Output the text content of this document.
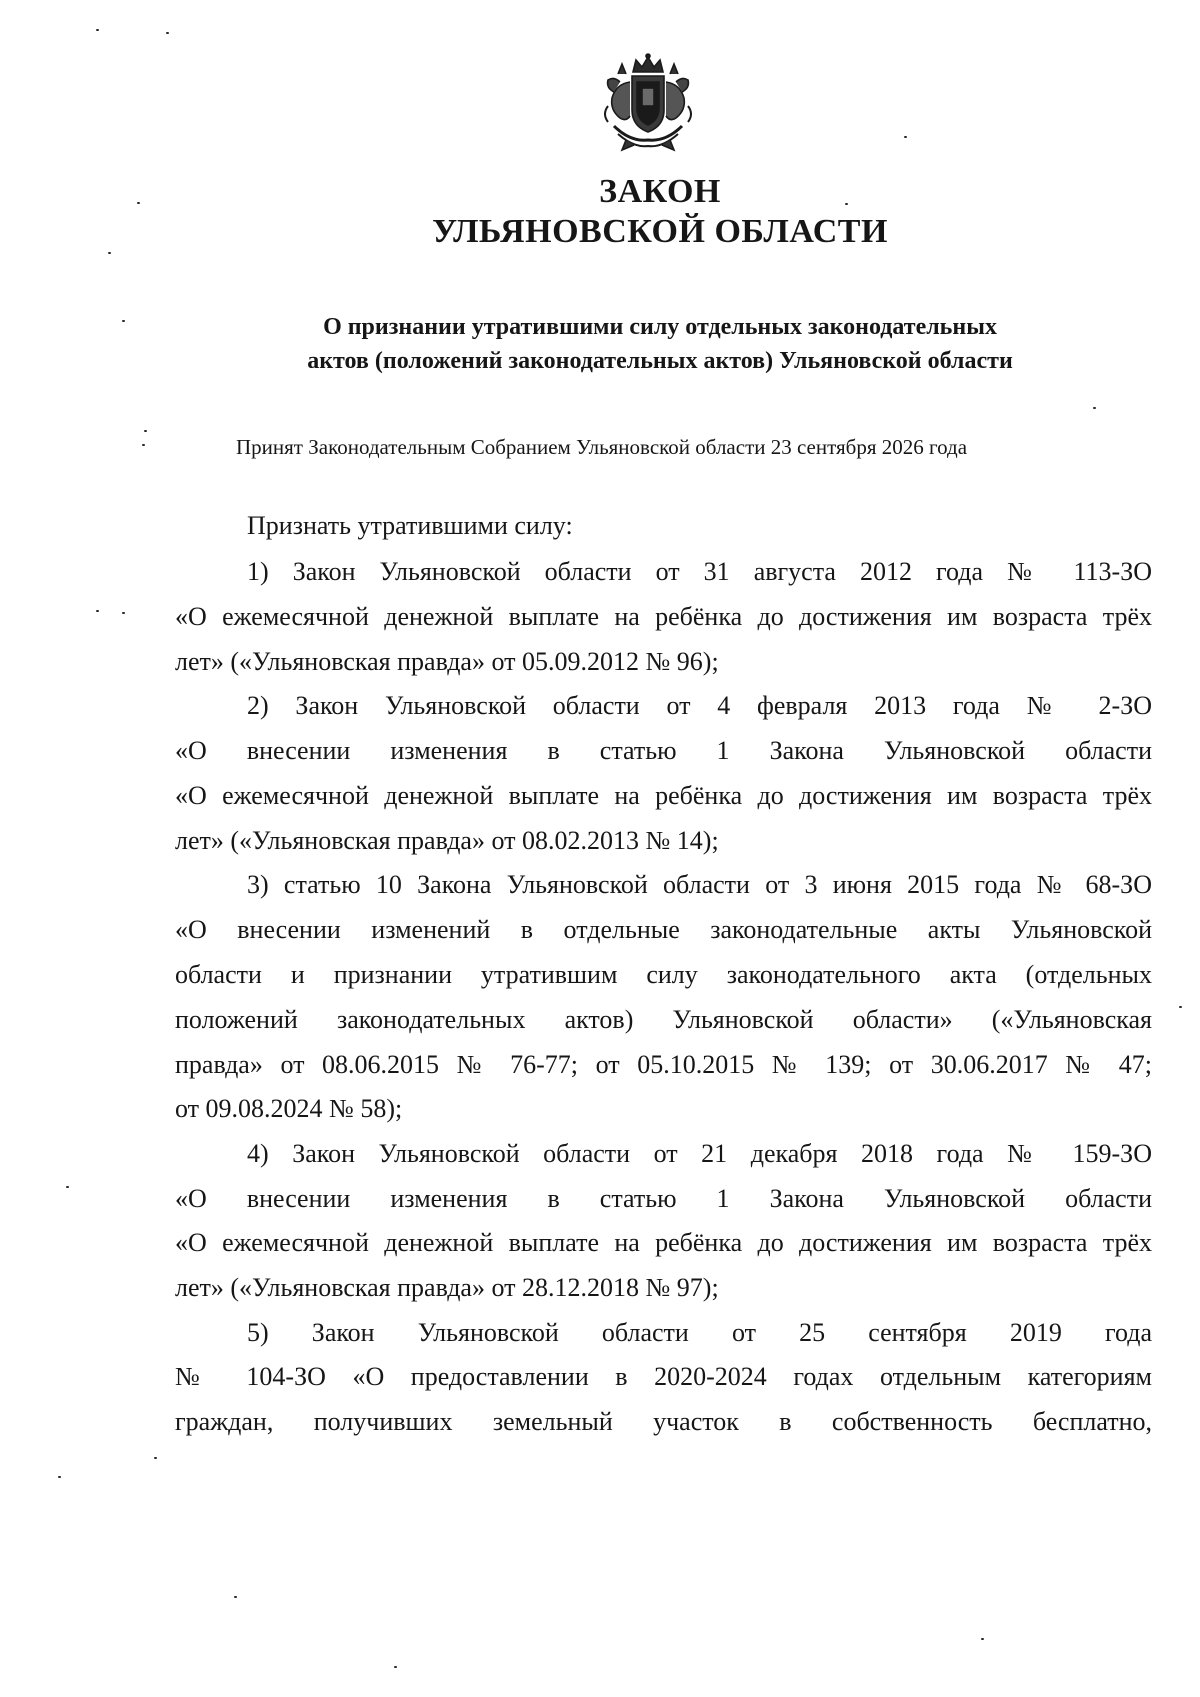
ЗАКОН
УЛЬЯНОВСКОЙ ОБЛАСТИ
О признании утратившими силу отдельных законодательных
актов (положений законодательных актов) Ульяновской области
Принят Законодательным Собранием Ульяновской области 23 сентября 2026 года
Признать утратившими силу:
1) Закон Ульяновской области от 31 августа 2012 года № 113-ЗО
«О ежемесячной денежной выплате на ребёнка до достижения им возраста трёх
лет» («Ульяновская правда» от 05.09.2012 № 96);
2) Закон Ульяновской области от 4 февраля 2013 года № 2-ЗО
«О внесении изменения в статью 1 Закона Ульяновской области
«О ежемесячной денежной выплате на ребёнка до достижения им возраста трёх
лет» («Ульяновская правда» от 08.02.2013 № 14);
3) статью 10 Закона Ульяновской области от 3 июня 2015 года № 68-ЗО
«О внесении изменений в отдельные законодательные акты Ульяновской
области и признании утратившим силу законодательного акта (отдельных
положений законодательных актов) Ульяновской области» («Ульяновская
правда» от 08.06.2015 № 76-77; от 05.10.2015 № 139; от 30.06.2017 № 47;
от 09.08.2024 № 58);
4) Закон Ульяновской области от 21 декабря 2018 года № 159-ЗО
«О внесении изменения в статью 1 Закона Ульяновской области
«О ежемесячной денежной выплате на ребёнка до достижения им возраста трёх
лет» («Ульяновская правда» от 28.12.2018 № 97);
5) Закон Ульяновской области от 25 сентября 2019 года
№ 104-ЗО «О предоставлении в 2020-2024 годах отдельным категориям
граждан, получивших земельный участок в собственность бесплатно,
